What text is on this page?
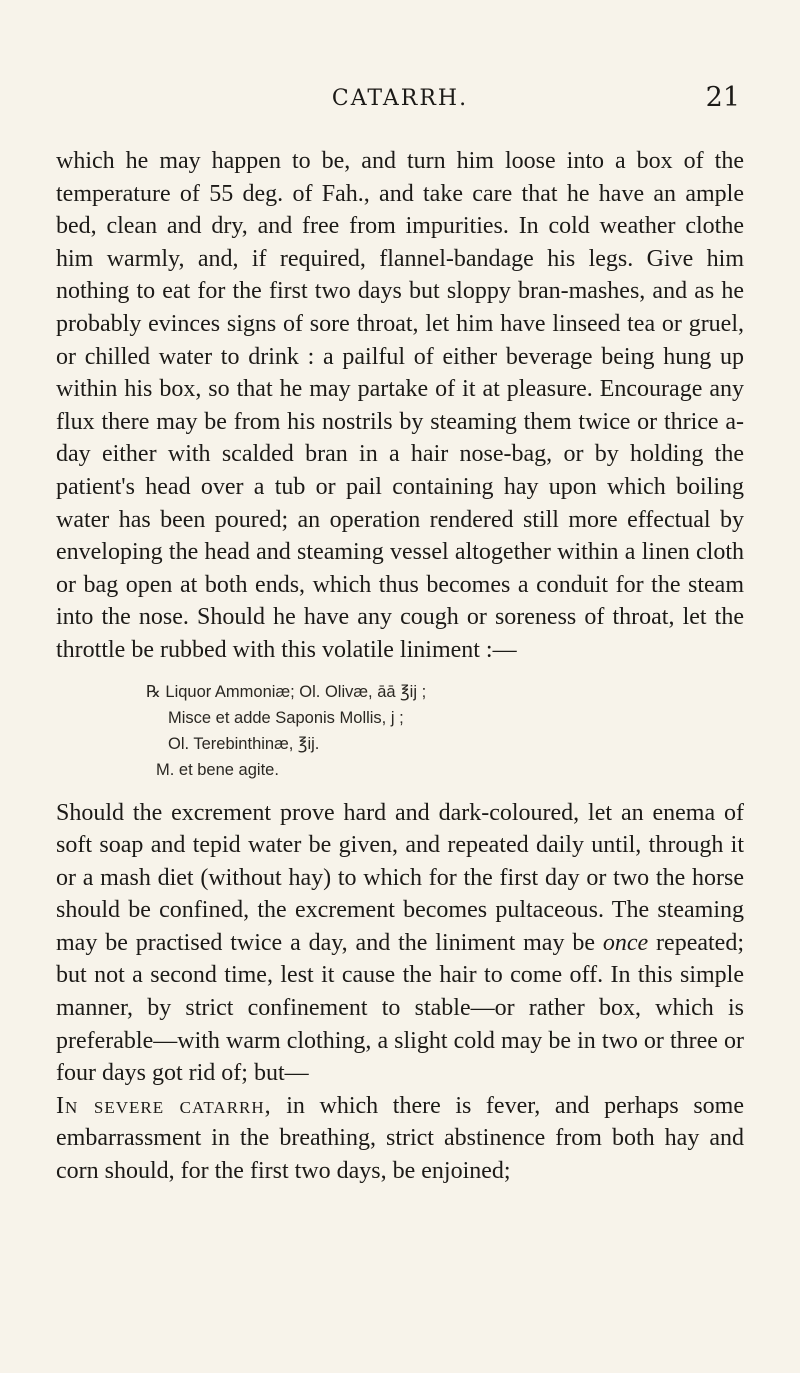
CATARRH.	21

which he may happen to be, and turn him loose into a box of the temperature of 55 deg. of Fah., and take care that he have an ample bed, clean and dry, and free from impurities. In cold weather clothe him warmly, and, if required, flannel-bandage his legs. Give him nothing to eat for the first two days but sloppy bran-mashes, and as he probably evinces signs of sore throat, let him have linseed tea or gruel, or chilled water to drink : a pailful of either beverage being hung up within his box, so that he may partake of it at pleasure. Encourage any flux there may be from his nostrils by steaming them twice or thrice a-day either with scalded bran in a hair nose-bag, or by holding the patient's head over a tub or pail containing hay upon which boiling water has been poured; an operation rendered still more effectual by enveloping the head and steaming vessel altogether within a linen cloth or bag open at both ends, which thus becomes a conduit for the steam into the nose. Should he have any cough or soreness of throat, let the throttle be rubbed with this volatile liniment :—

℞ Liquor Ammoniæ; Ol. Olivæ, āā ℥ij ;
Misce et adde Saponis Mollis, j ;
Ol. Terebinthinæ, ℥ij.
M. et bene agite.

Should the excrement prove hard and dark-coloured, let an enema of soft soap and tepid water be given, and repeated daily until, through it or a mash diet (without hay) to which for the first day or two the horse should be confined, the excrement becomes pultaceous. The steaming may be practised twice a day, and the liniment may be once repeated; but not a second time, lest it cause the hair to come off. In this simple manner, by strict confinement to stable—or rather box, which is preferable—with warm clothing, a slight cold may be in two or three or four days got rid of; but—

In severe catarrh, in which there is fever, and perhaps some embarrassment in the breathing, strict abstinence from both hay and corn should, for the first two days, be enjoined;
